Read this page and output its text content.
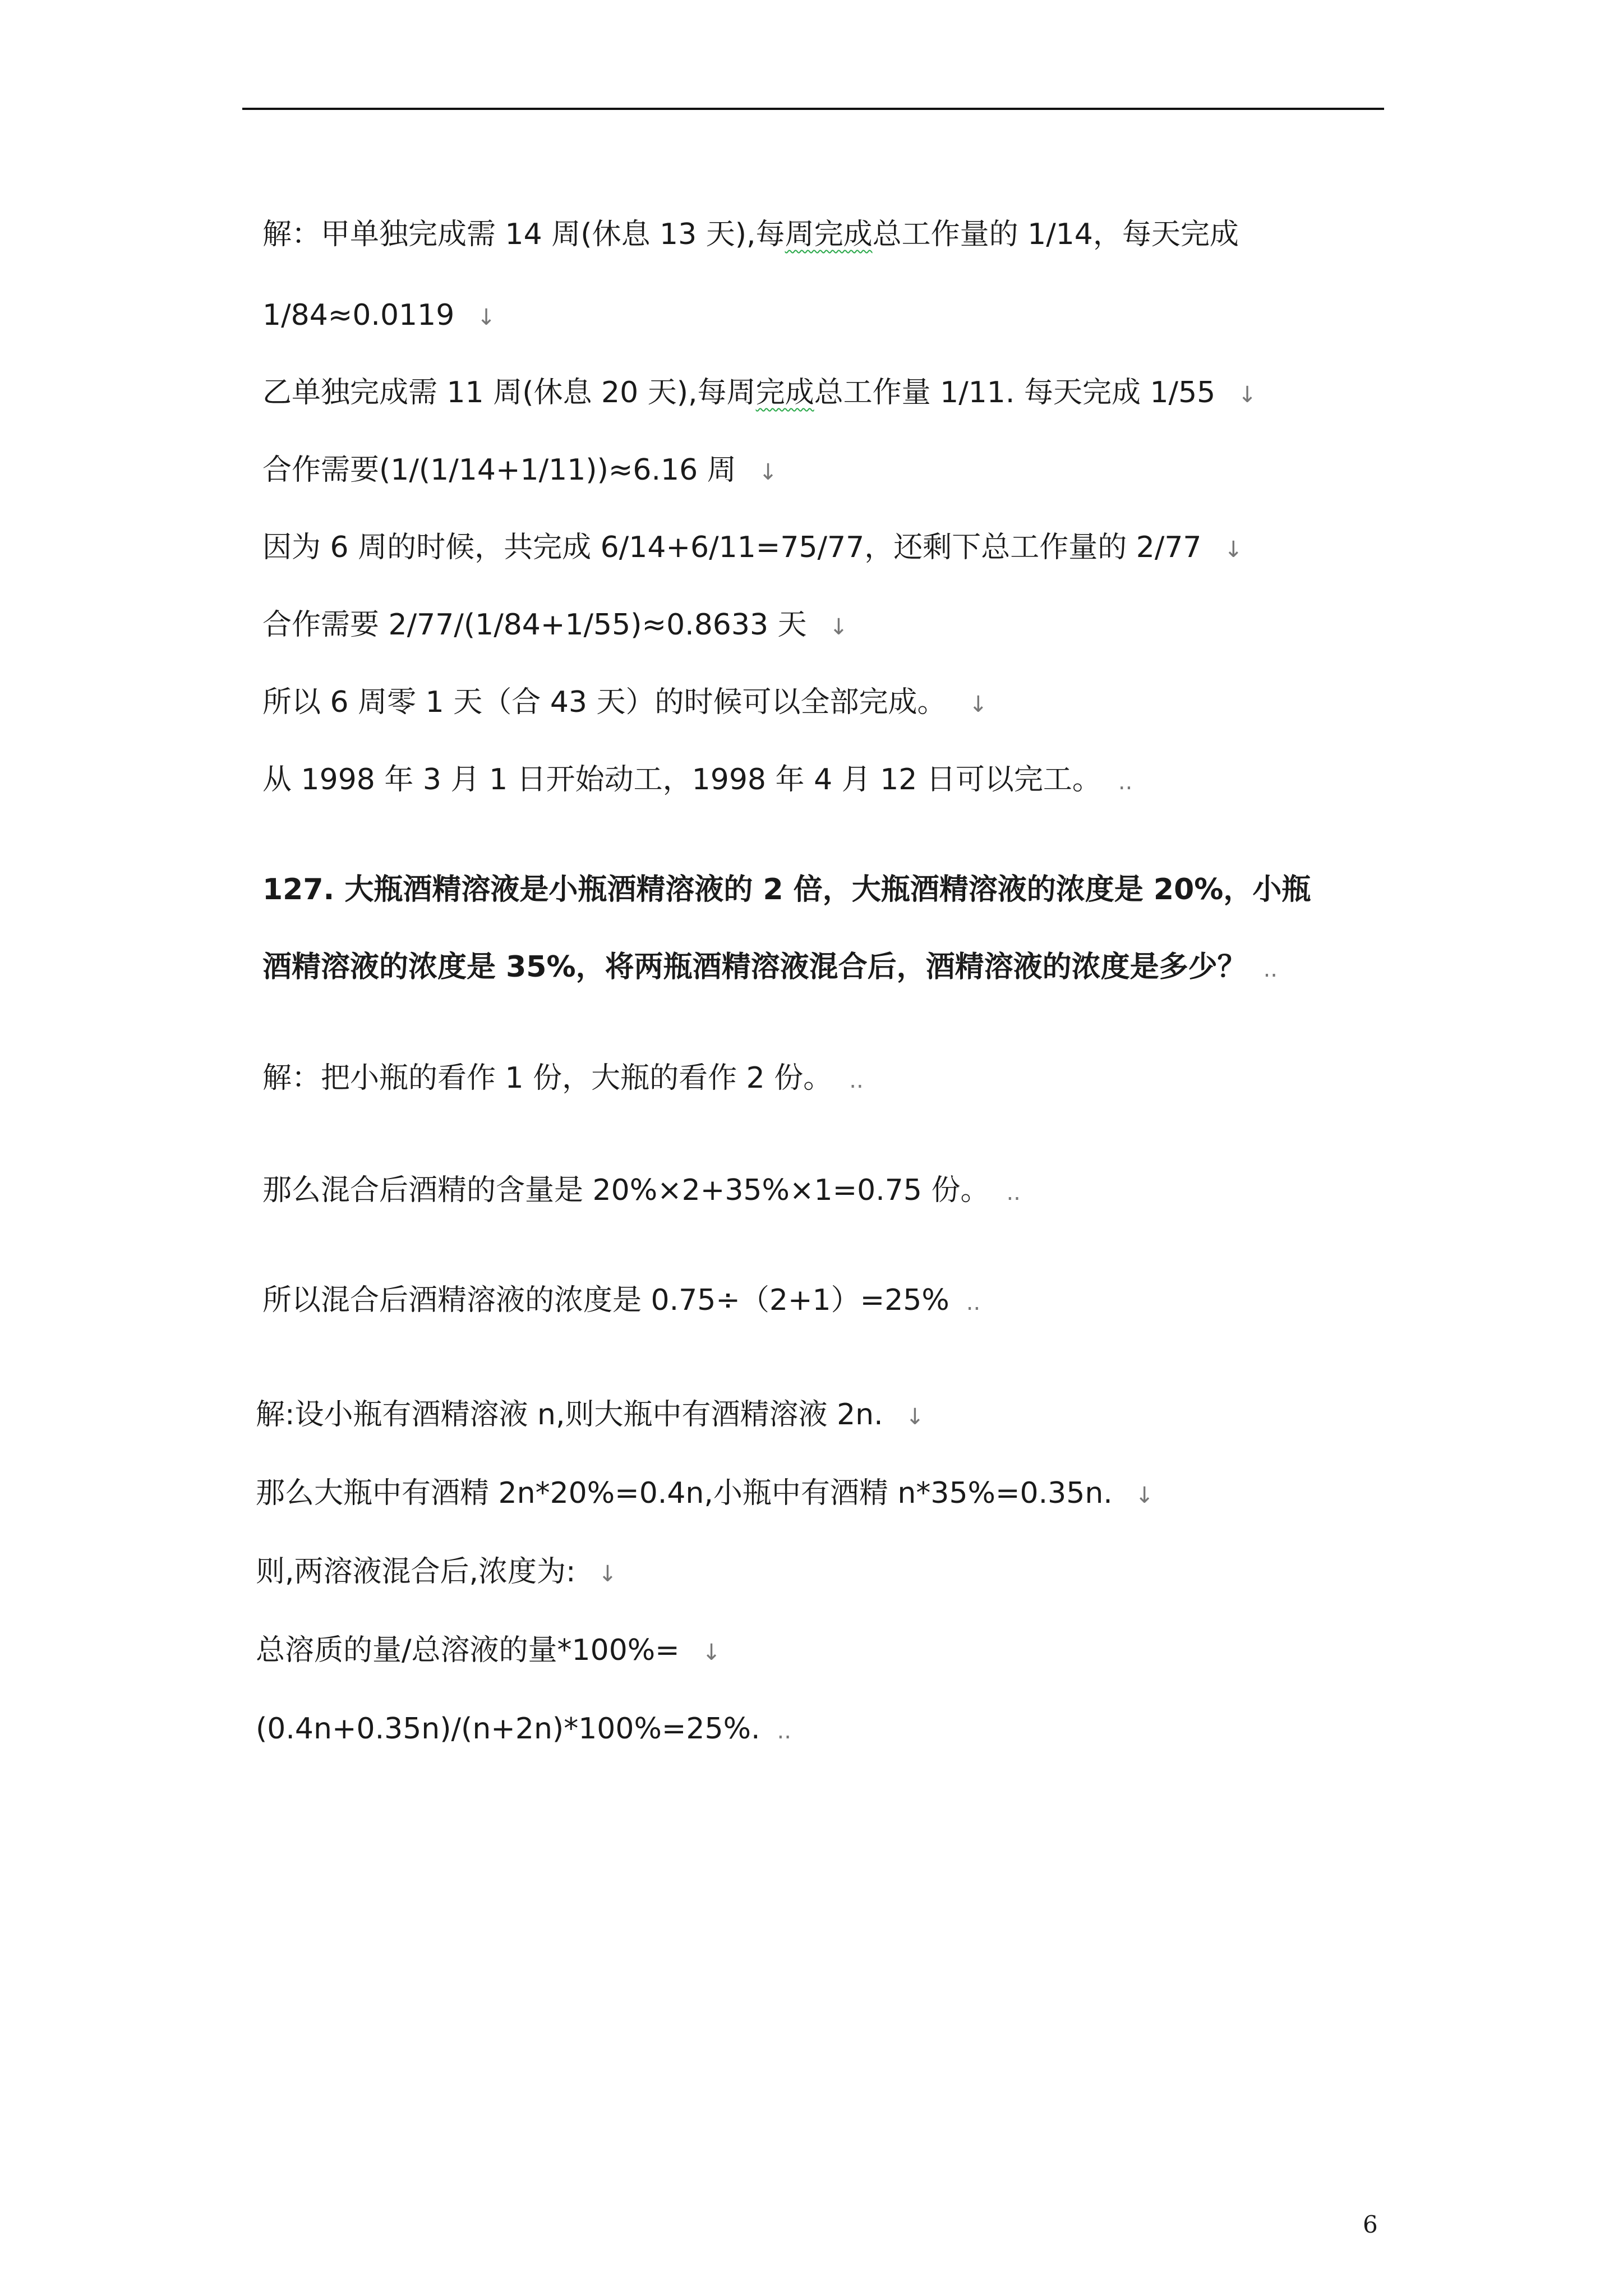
解：甲单独完成需 14 周(休息 13 天),每周完成总工作量的 1/14，每天完成
1/84≈0.0119 ↓
乙单独完成需 11 周(休息 20 天),每周完成总工作量 1/11. 每天完成 1/55 ↓
合作需要(1/(1/14+1/11))≈6.16 周 ↓
因为 6 周的时候，共完成 6/14+6/11=75/77，还剩下总工作量的 2/77 ↓
合作需要 2/77/(1/84+1/55)≈0.8633 天 ↓
所以 6 周零 1 天（合 43 天）的时候可以全部完成。 ↓
从 1998 年 3 月 1 日开始动工，1998 年 4 月 12 日可以完工。 ..
127. 大瓶酒精溶液是小瓶酒精溶液的 2 倍，大瓶酒精溶液的浓度是 20%，小瓶
酒精溶液的浓度是 35%，将两瓶酒精溶液混合后，酒精溶液的浓度是多少？ ..
解：把小瓶的看作 1 份，大瓶的看作 2 份。 ..
那么混合后酒精的含量是 20%×2+35%×1=0.75 份。 ..
所以混合后酒精溶液的浓度是 0.75÷（2+1）=25% ..
解:设小瓶有酒精溶液 n,则大瓶中有酒精溶液 2n. ↓
那么大瓶中有酒精 2n*20%=0.4n,小瓶中有酒精 n*35%=0.35n. ↓
则,两溶液混合后,浓度为: ↓
总溶质的量/总溶液的量*100%= ↓
(0.4n+0.35n)/(n+2n)*100%=25%. ..
6
